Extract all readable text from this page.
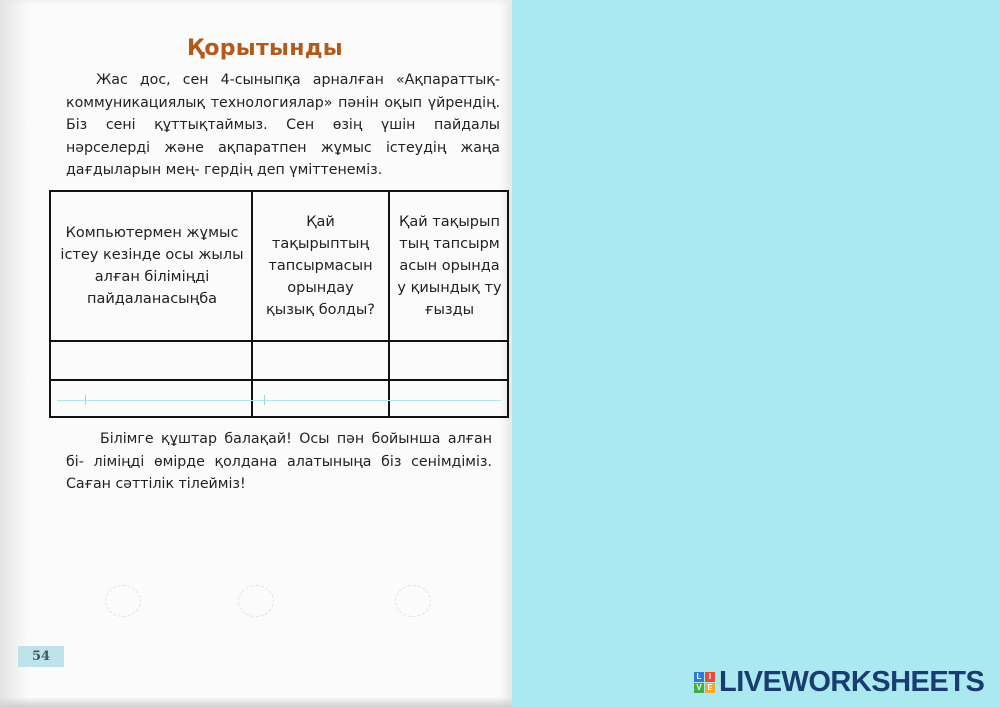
Қорытынды
Жас дос, сен 4-сыныпқа арналған «Ақпараттық-коммуникациялық технологиялар» пәнін оқып үйрендің. Біз сені құттықтаймыз. Сен өзің үшін пайдалы нәрселерді және ақпаратпен жұмыс істеудің жаңа дағдыларын мең- гердің деп үміттенеміз.
Компьютермен жұмыс істеу кезінде осы жылы алған біліміңді пайдаланасыңба
Қай тақырыптың тапсырмасын орындау қызық болды?
Қай тақырыптың тапсырмасын орындау қиындық туғызды
Білімге құштар балақай! Осы пән бойынша алған бі- лімiңді өмірде қолдана алатыныңа біз сенімдіміз. Саған сәттілік тілейміз!
54
L I
V E LIVEWORKSHEETS
